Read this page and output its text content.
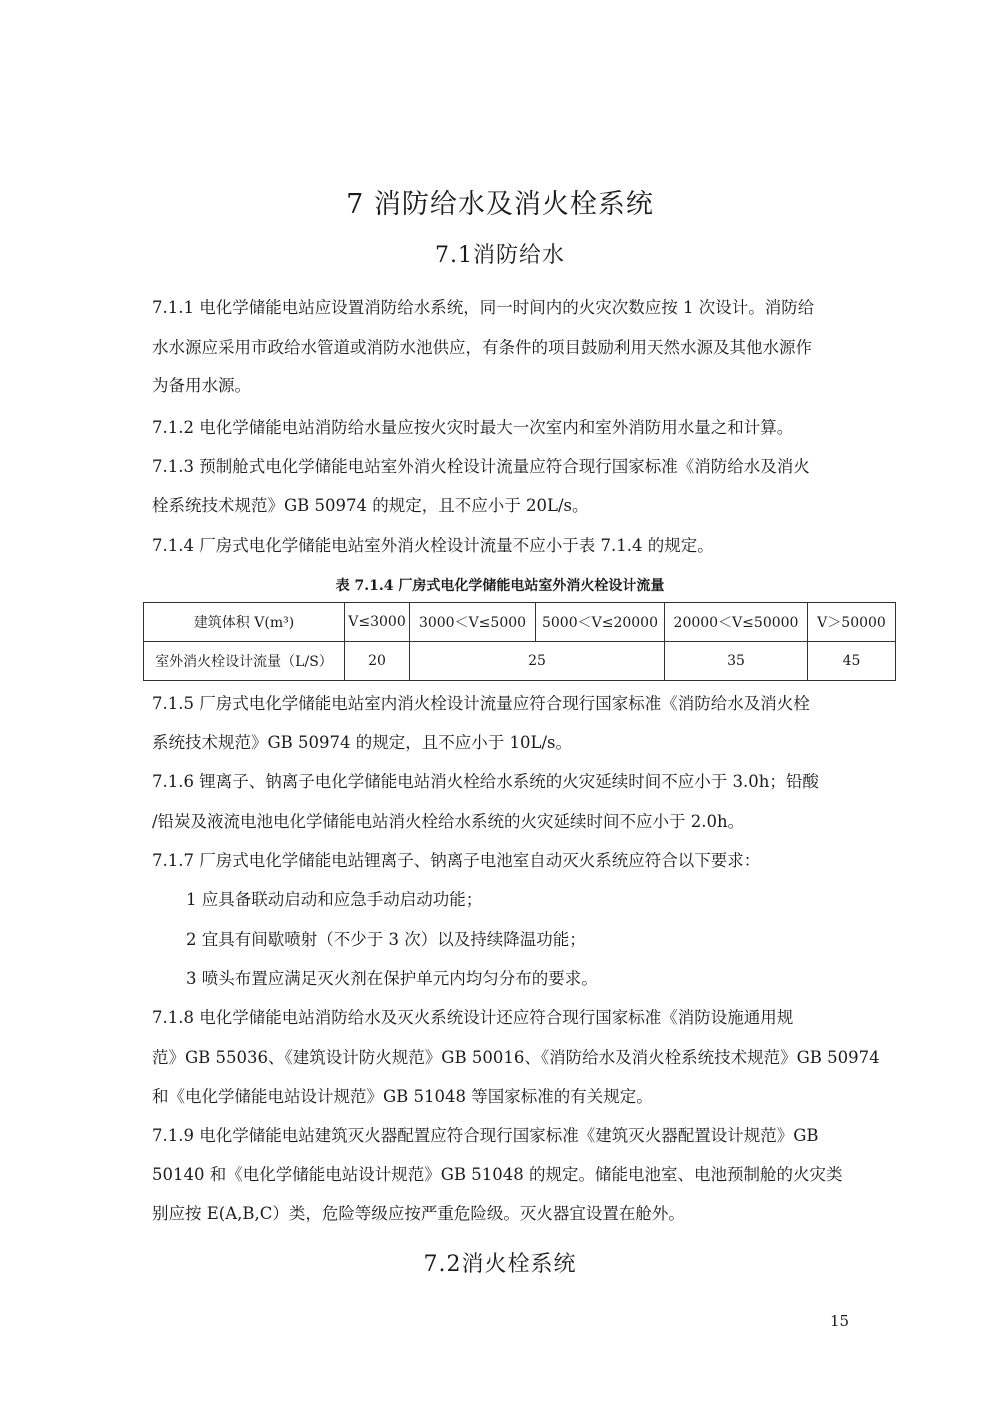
7 消防给水及消火栓系统
7.1消防给水
7.1.1 电化学储能电站应设置消防给水系统，同一时间内的火灾次数应按 1 次设计。消防给
水水源应采用市政给水管道或消防水池供应，有条件的项目鼓励利用天然水源及其他水源作
为备用水源。
7.1.2 电化学储能电站消防给水量应按火灾时最大一次室内和室外消防用水量之和计算。
7.1.3 预制舱式电化学储能电站室外消火栓设计流量应符合现行国家标准《消防给水及消火
栓系统技术规范》GB 50974 的规定，且不应小于 20L/s。
7.1.4 厂房式电化学储能电站室外消火栓设计流量不应小于表 7.1.4 的规定。
表 7.1.4 厂房式电化学储能电站室外消火栓设计流量
建筑体积 V(m³)	V≤3000	3000＜V≤5000	5000＜V≤20000	20000＜V≤50000	V＞50000
室外消火栓设计流量（L/S）	20	25		35	45
7.1.5 厂房式电化学储能电站室内消火栓设计流量应符合现行国家标准《消防给水及消火栓
系统技术规范》GB 50974 的规定，且不应小于 10L/s。
7.1.6 锂离子、钠离子电化学储能电站消火栓给水系统的火灾延续时间不应小于 3.0h；铅酸
/铅炭及液流电池电化学储能电站消火栓给水系统的火灾延续时间不应小于 2.0h。
7.1.7 厂房式电化学储能电站锂离子、钠离子电池室自动灭火系统应符合以下要求：
1 应具备联动启动和应急手动启动功能；
2 宜具有间歇喷射（不少于 3 次）以及持续降温功能；
3 喷头布置应满足灭火剂在保护单元内均匀分布的要求。
7.1.8 电化学储能电站消防给水及灭火系统设计还应符合现行国家标准《消防设施通用规
范》GB 55036、《建筑设计防火规范》GB 50016、《消防给水及消火栓系统技术规范》GB 50974
和《电化学储能电站设计规范》GB 51048 等国家标准的有关规定。
7.1.9 电化学储能电站建筑灭火器配置应符合现行国家标准《建筑灭火器配置设计规范》GB
50140 和《电化学储能电站设计规范》GB 51048 的规定。储能电池室、电池预制舱的火灾类
别应按 E(A,B,C）类，危险等级应按严重危险级。灭火器宜设置在舱外。
7.2消火栓系统
15
